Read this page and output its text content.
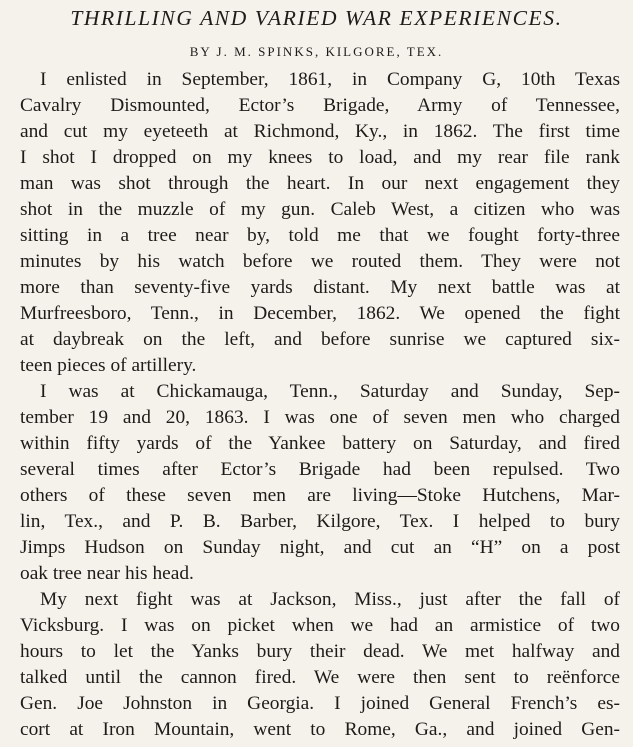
THRILLING AND VARIED WAR EXPERIENCES.
BY J. M. SPINKS, KILGORE, TEX.
I enlisted in September, 1861, in Company G, 10th Texas
Cavalry Dismounted, Ector’s Brigade, Army of Tennessee,
and cut my eyeteeth at Richmond, Ky., in 1862. The first time
I shot I dropped on my knees to load, and my rear file rank
man was shot through the heart. In our next engagement they
shot in the muzzle of my gun. Caleb West, a citizen who was
sitting in a tree near by, told me that we fought forty-three
minutes by his watch before we routed them. They were not
more than seventy-five yards distant. My next battle was at
Murfreesboro, Tenn., in December, 1862. We opened the fight
at daybreak on the left, and before sunrise we captured six-
teen pieces of artillery.
I was at Chickamauga, Tenn., Saturday and Sunday, Sep-
tember 19 and 20, 1863. I was one of seven men who charged
within fifty yards of the Yankee battery on Saturday, and fired
several times after Ector’s Brigade had been repulsed. Two
others of these seven men are living—Stoke Hutchens, Mar-
lin, Tex., and P. B. Barber, Kilgore, Tex. I helped to bury
Jimps Hudson on Sunday night, and cut an “H” on a post
oak tree near his head.
My next fight was at Jackson, Miss., just after the fall of
Vicksburg. I was on picket when we had an armistice of two
hours to let the Yanks bury their dead. We met halfway and
talked until the cannon fired. We were then sent to reënforce
Gen. Joe Johnston in Georgia. I joined General French’s es-
cort at Iron Mountain, went to Rome, Ga., and joined Gen-
